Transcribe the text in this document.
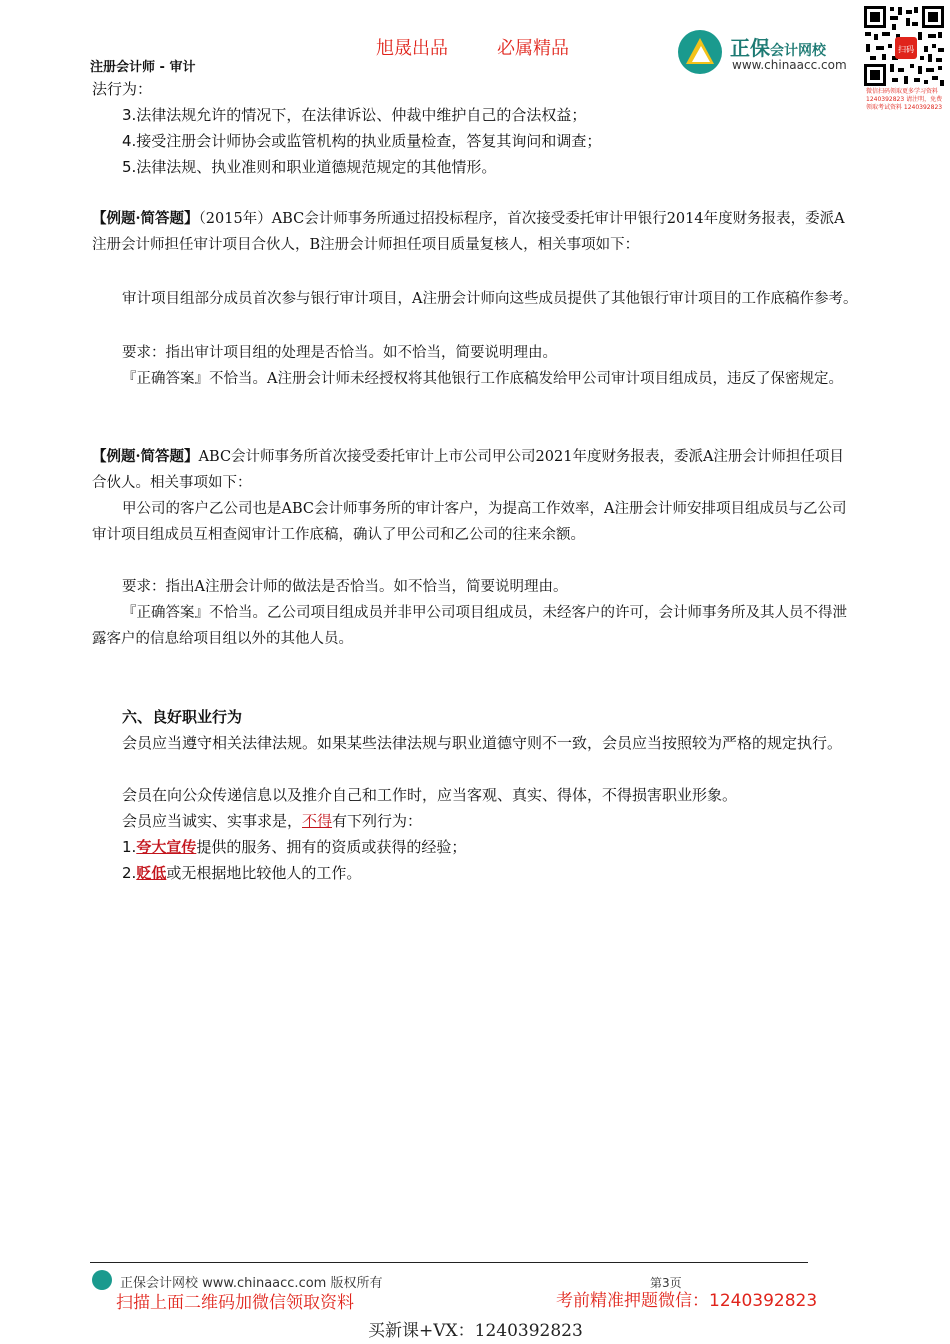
旭晟出品	必属精品
注册会计师 - 审计
正保会计网校
www.chinaacc.com
扫码
微信扫码领取更多学习资料 1240392823 请注明，免费领取考试资料 1240392823
法行为：
3.法律法规允许的情况下，在法律诉讼、仲裁中维护自己的合法权益；
4.接受注册会计师协会或监管机构的执业质量检查，答复其询问和调查；
5.法律法规、执业准则和职业道德规范规定的其他情形。
【例题·简答题】（2015年）ABC会计师事务所通过招投标程序，首次接受委托审计甲银行2014年度财务报表，委派A注册会计师担任审计项目合伙人，B注册会计师担任项目质量复核人，相关事项如下：
审计项目组部分成员首次参与银行审计项目，A注册会计师向这些成员提供了其他银行审计项目的工作底稿作参考。
要求：指出审计项目组的处理是否恰当。如不恰当，简要说明理由。
『正确答案』不恰当。A注册会计师未经授权将其他银行工作底稿发给甲公司审计项目组成员，违反了保密规定。
【例题·简答题】ABC会计师事务所首次接受委托审计上市公司甲公司2021年度财务报表，委派A注册会计师担任项目合伙人。相关事项如下：
甲公司的客户乙公司也是ABC会计师事务所的审计客户，为提高工作效率，A注册会计师安排项目组成员与乙公司审计项目组成员互相查阅审计工作底稿，确认了甲公司和乙公司的往来余额。
要求：指出A注册会计师的做法是否恰当。如不恰当，简要说明理由。
『正确答案』不恰当。乙公司项目组成员并非甲公司项目组成员，未经客户的许可，会计师事务所及其人员不得泄露客户的信息给项目组以外的其他人员。
六、良好职业行为
会员应当遵守相关法律法规。如果某些法律法规与职业道德守则不一致，会员应当按照较为严格的规定执行。
会员在向公众传递信息以及推介自己和工作时，应当客观、真实、得体，不得损害职业形象。
会员应当诚实、实事求是，不得有下列行为：
1.夸大宣传提供的服务、拥有的资质或获得的经验；
2.贬低或无根据地比较他人的工作。
正保会计网校 www.chinaacc.com 版权所有	第3页
扫描上面二维码加微信领取资料	考前精准押题微信：1240392823
买新课+VX：1240392823
